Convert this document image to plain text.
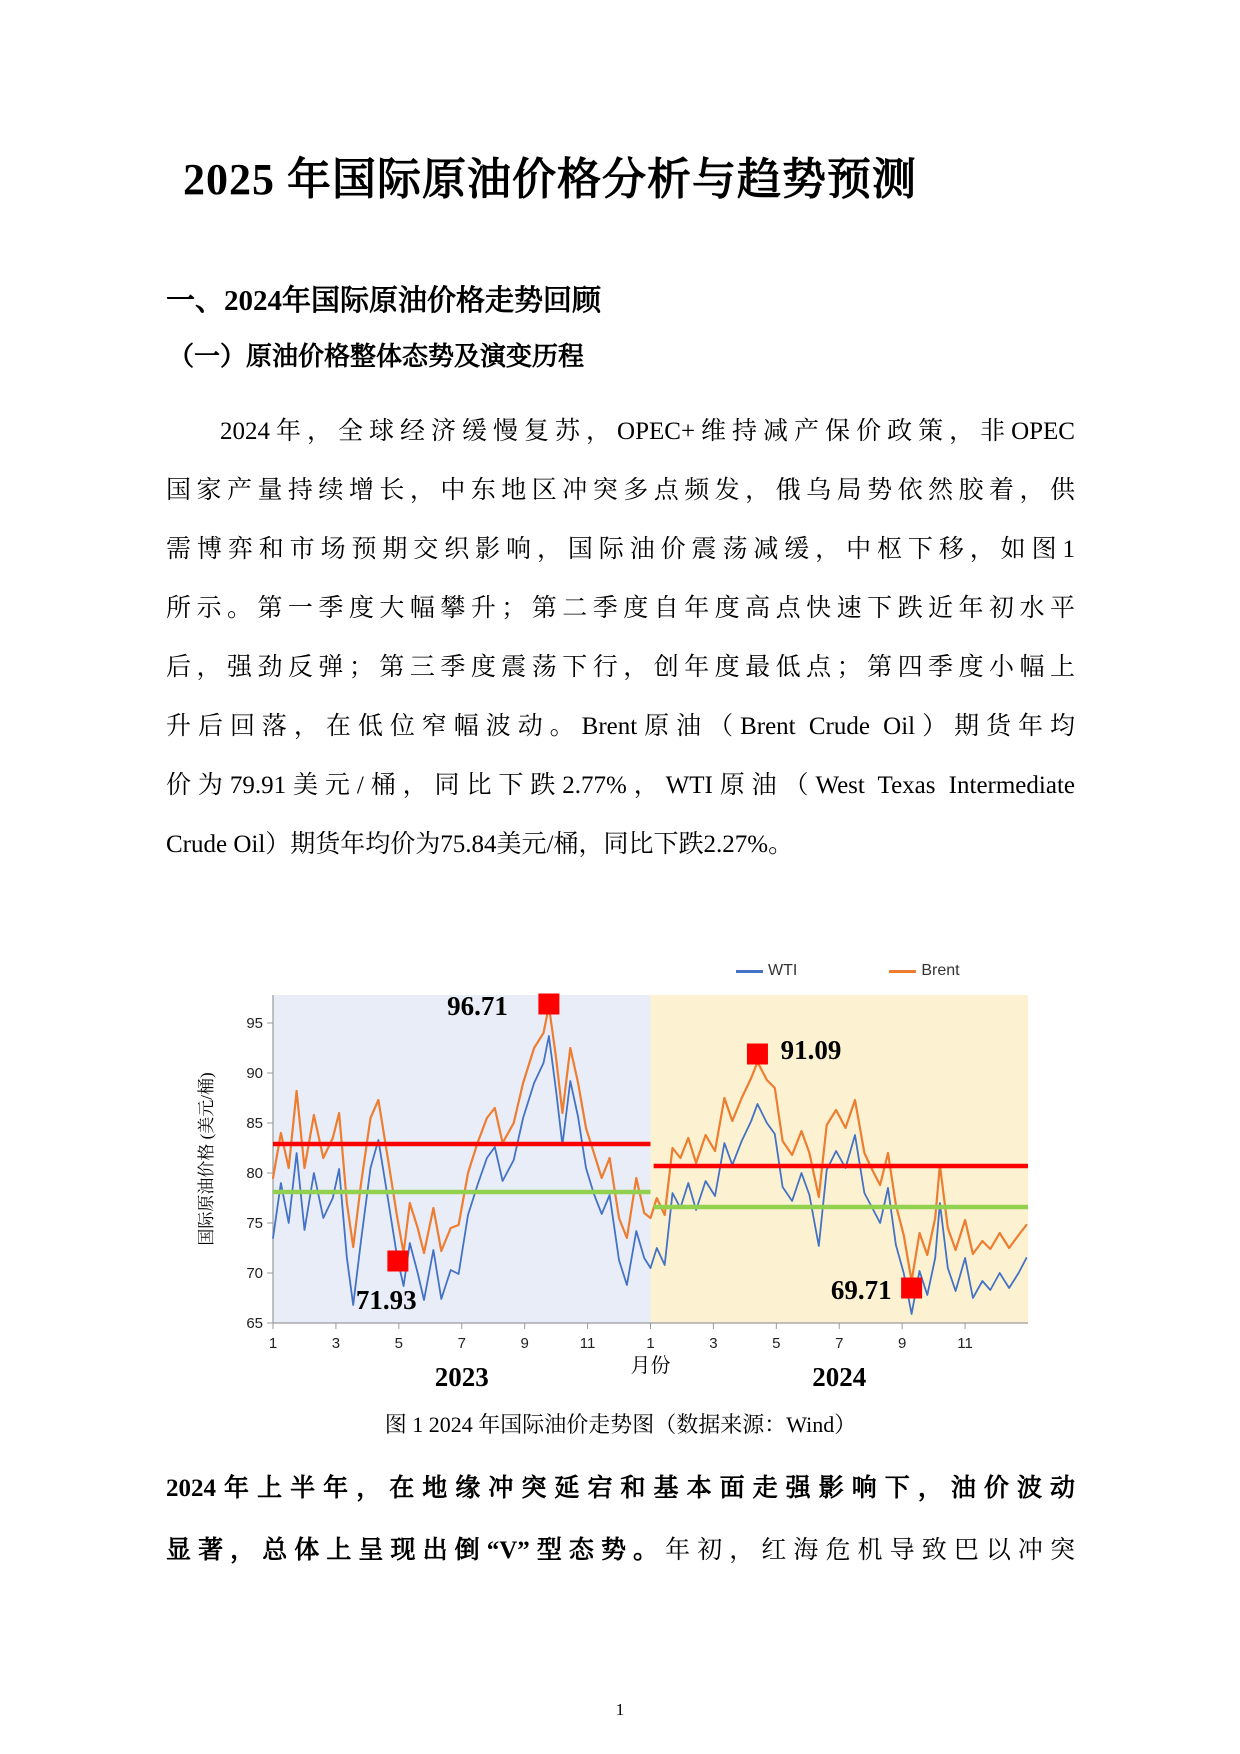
2025 年国际原油价格分析与趋势预测
一、2024年国际原油价格走势回顾
（一）原油价格整体态势及演变历程
2024年，全球经济缓慢复苏，OPEC+维持减产保价政策，非OPEC
国家产量持续增长，中东地区冲突多点频发，俄乌局势依然胶着，供
需博弈和市场预期交织影响，国际油价震荡减缓，中枢下移，如图1
所示。第一季度大幅攀升；第二季度自年度高点快速下跌近年初水平
后，强劲反弹；第三季度震荡下行，创年度最低点；第四季度小幅上
升后回落，在低位窄幅波动。Brent原油（Brent Crude Oil）期货年均
价为79.91美元/桶，同比下跌2.77%，WTI原油（West Texas Intermediate
Crude Oil）期货年均价为75.84美元/桶，同比下跌2.27%。
WTI	Brent
65
70
75
80
85
90
95
1	3	5	7	9	11	1	3	5	7	9	11
96.71
91.09
71.93	69.71
2023	2024
月份
国际原油价格 (美元/桶)
图 1 2024 年国际油价走势图（数据来源：Wind）
2024年上半年，在地缘冲突延宕和基本面走强影响下，油价波动
显著，总体上呈现出倒“V”型态势。年初，红海危机导致巴以冲突
1
